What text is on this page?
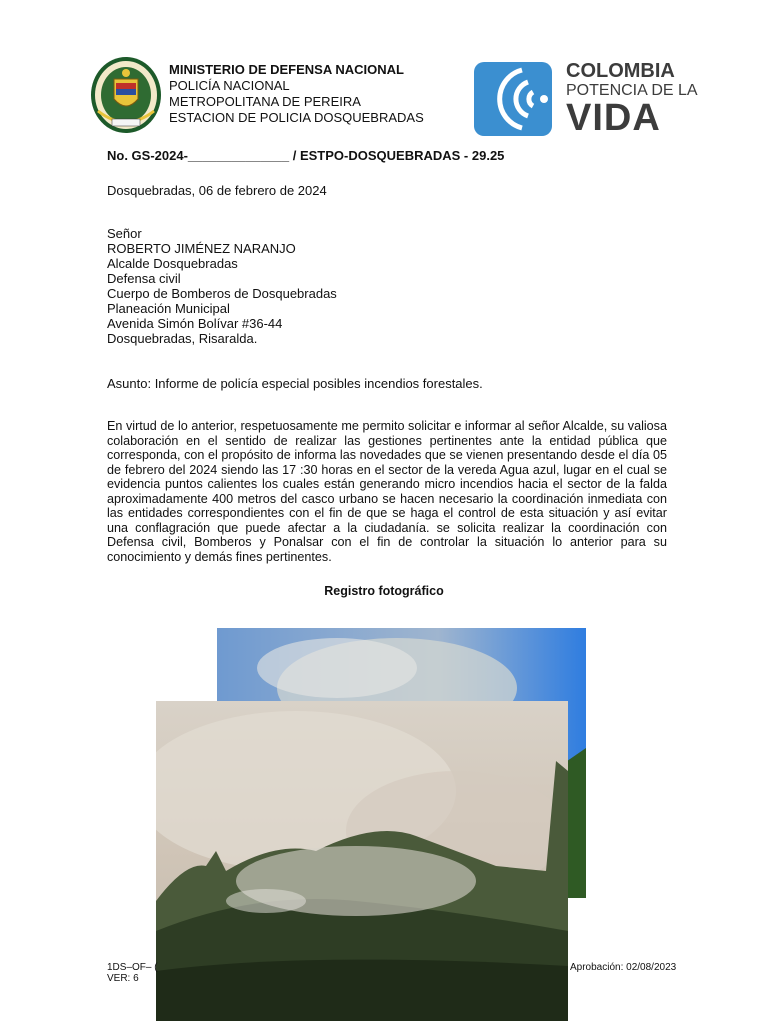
MINISTERIO DE DEFENSA NACIONAL
POLICÍA NACIONAL
METROPOLITANA DE PEREIRA
ESTACION DE POLICIA DOSQUEBRADAS
COLOMBIA
POTENCIA DE LA
VIDA
No. GS-2024-______________ / ESTPO-DOSQUEBRADAS - 29.25
Dosquebradas, 06 de febrero de 2024
Señor
ROBERTO JIMÉNEZ NARANJO
Alcalde Dosquebradas
Defensa civil
Cuerpo de Bomberos de Dosquebradas
Planeación Municipal
Avenida Simón Bolívar #36-44
Dosquebradas, Risaralda.
Asunto: Informe de policía especial posibles incendios forestales.
En virtud de lo anterior, respetuosamente me permito solicitar e informar al señor Alcalde, su valiosa colaboración en el sentido de realizar las gestiones pertinentes ante la entidad pública que corresponda, con el propósito de informa las novedades que se vienen presentando desde el día 05 de febrero del 2024 siendo las 17 :30 horas en el sector de la vereda Agua azul, lugar en el cual se evidencia puntos calientes los cuales están generando micro incendios hacia el sector de la falda aproximadamente 400 metros del casco urbano se hacen necesario la coordinación inmediata con las entidades correspondientes con el fin de que se haga el control de esta situación y así evitar una conflagración que puede afectar a la ciudadanía. se solicita realizar la coordinación con Defensa civil, Bomberos y Ponalsar con el fin de controlar la situación lo anterior para su conocimiento y demás fines pertinentes.
Registro fotográfico
1DS–OF– (
VER: 6
Aprobación: 02/08/2023
